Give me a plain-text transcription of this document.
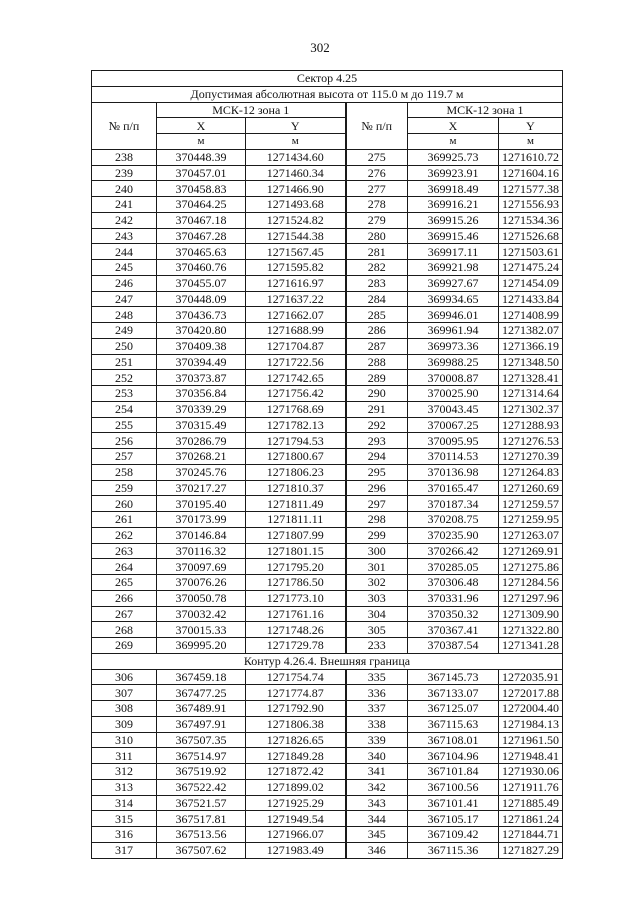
302
Сектор 4.25					
Допустимая абсолютная высота от 115.0 м до 119.7 м					
№ п/п	МСК-12 зона 1		№ п/п	МСК-12 зона 1	
	X	Y		X	Y
	м	м		м	м
238	370448.39	1271434.60	275	369925.73	1271610.72
239	370457.01	1271460.34	276	369923.91	1271604.16
240	370458.83	1271466.90	277	369918.49	1271577.38
241	370464.25	1271493.68	278	369916.21	1271556.93
242	370467.18	1271524.82	279	369915.26	1271534.36
243	370467.28	1271544.38	280	369915.46	1271526.68
244	370465.63	1271567.45	281	369917.11	1271503.61
245	370460.76	1271595.82	282	369921.98	1271475.24
246	370455.07	1271616.97	283	369927.67	1271454.09
247	370448.09	1271637.22	284	369934.65	1271433.84
248	370436.73	1271662.07	285	369946.01	1271408.99
249	370420.80	1271688.99	286	369961.94	1271382.07
250	370409.38	1271704.87	287	369973.36	1271366.19
251	370394.49	1271722.56	288	369988.25	1271348.50
252	370373.87	1271742.65	289	370008.87	1271328.41
253	370356.84	1271756.42	290	370025.90	1271314.64
254	370339.29	1271768.69	291	370043.45	1271302.37
255	370315.49	1271782.13	292	370067.25	1271288.93
256	370286.79	1271794.53	293	370095.95	1271276.53
257	370268.21	1271800.67	294	370114.53	1271270.39
258	370245.76	1271806.23	295	370136.98	1271264.83
259	370217.27	1271810.37	296	370165.47	1271260.69
260	370195.40	1271811.49	297	370187.34	1271259.57
261	370173.99	1271811.11	298	370208.75	1271259.95
262	370146.84	1271807.99	299	370235.90	1271263.07
263	370116.32	1271801.15	300	370266.42	1271269.91
264	370097.69	1271795.20	301	370285.05	1271275.86
265	370076.26	1271786.50	302	370306.48	1271284.56
266	370050.78	1271773.10	303	370331.96	1271297.96
267	370032.42	1271761.16	304	370350.32	1271309.90
268	370015.33	1271748.26	305	370367.41	1271322.80
269	369995.20	1271729.78	233	370387.54	1271341.28
Контур 4.26.4. Внешняя граница					
306	367459.18	1271754.74	335	367145.73	1272035.91
307	367477.25	1271774.87	336	367133.07	1272017.88
308	367489.91	1271792.90	337	367125.07	1272004.40
309	367497.91	1271806.38	338	367115.63	1271984.13
310	367507.35	1271826.65	339	367108.01	1271961.50
311	367514.97	1271849.28	340	367104.96	1271948.41
312	367519.92	1271872.42	341	367101.84	1271930.06
313	367522.42	1271899.02	342	367100.56	1271911.76
314	367521.57	1271925.29	343	367101.41	1271885.49
315	367517.81	1271949.54	344	367105.17	1271861.24
316	367513.56	1271966.07	345	367109.42	1271844.71
317	367507.62	1271983.49	346	367115.36	1271827.29
